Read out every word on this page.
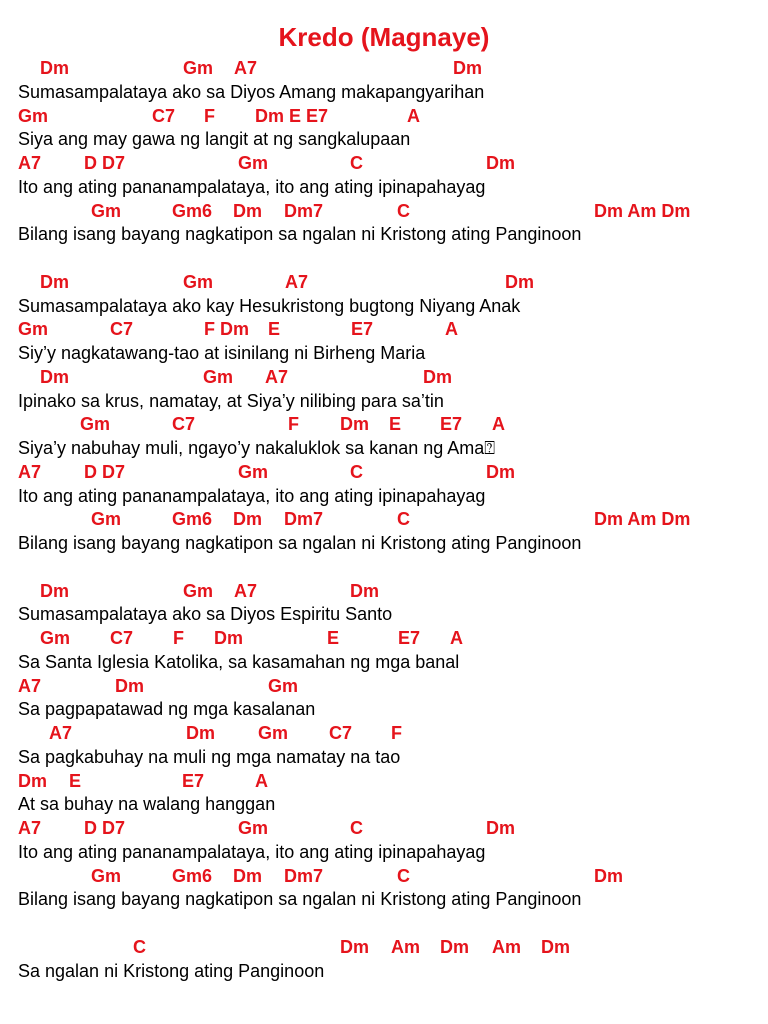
Kredo (Magnaye)
Dm	Gm A7	Dm
Sumasampalataya ako sa Diyos Amang makapangyarihan
Gm	C7 F Dm E E7	A
Siya ang may gawa ng langit at ng sangkalupaan
A7 D D7	Gm	C	Dm
Ito ang ating pananampalataya, ito ang ating ipinapahayag
Gm	Gm6 Dm Dm7	C	Dm Am Dm
Bilang isang bayang nagkatipon sa ngalan ni Kristong ating Panginoon
Dm	Gm	A7	Dm
Sumasampalataya ako kay Hesukristong bugtong Niyang Anak
Gm	C7	F Dm E	E7	A
Siy’y nagkatawang-tao at isinilang ni Birheng Maria
Dm	Gm A7	Dm
Ipinako sa krus, namatay, at Siya’y nilibing para sa’tin
Gm	C7	F Dm E E7 A
Siya’y nabuhay muli, ngayo’y nakaluklok sa kanan ng Ama⍰
A7 D D7	Gm	C	Dm
Ito ang ating pananampalataya, ito ang ating ipinapahayag
Gm	Gm6 Dm Dm7	C	Dm Am Dm
Bilang isang bayang nagkatipon sa ngalan ni Kristong ating Panginoon
Dm	Gm A7	Dm
Sumasampalataya ako sa Diyos Espiritu Santo
Gm C7 F Dm	E	E7 A
Sa Santa Iglesia Katolika, sa kasamahan ng mga banal
A7	Dm	Gm
Sa pagpapatawad ng mga kasalanan
A7	Dm Gm C7 F
Sa pagkabuhay na muli ng mga namatay na tao
Dm E	E7	A
At sa buhay na walang hanggan
A7 D D7	Gm	C	Dm
Ito ang ating pananampalataya, ito ang ating ipinapahayag
Gm	Gm6 Dm Dm7	C	Dm
Bilang isang bayang nagkatipon sa ngalan ni Kristong ating Panginoon
C	Dm Am Dm Am Dm
Sa ngalan ni Kristong ating Panginoon
